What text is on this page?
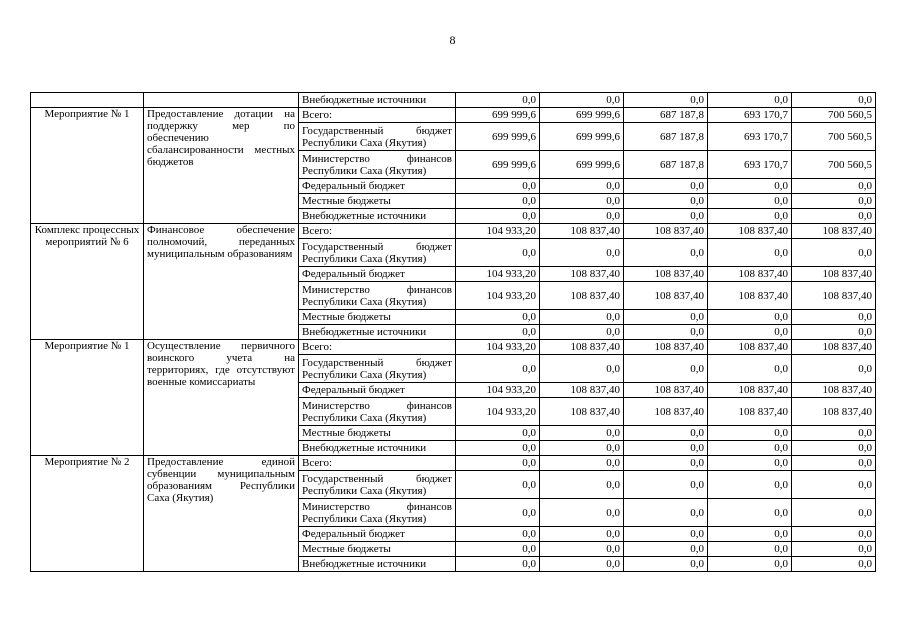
8
		Внебюджетные источники	0,0	0,0	0,0	0,0	0,0
Мероприятие № 1	Предоставление дотации на поддержку мер по обеспечению сбалансированности местных бюджетов	Всего:	699 999,6	699 999,6	687 187,8	693 170,7	700 560,5
		Государственный бюджет Республики Саха (Якутия)	699 999,6	699 999,6	687 187,8	693 170,7	700 560,5
		Министерство финансов Республики Саха (Якутия)	699 999,6	699 999,6	687 187,8	693 170,7	700 560,5
		Федеральный бюджет	0,0	0,0	0,0	0,0	0,0
		Местные бюджеты	0,0	0,0	0,0	0,0	0,0
		Внебюджетные источники	0,0	0,0	0,0	0,0	0,0
Комплекс процессных мероприятий № 6	Финансовое обеспечение полномочий, переданных муниципальным образованиям	Всего:	104 933,20	108 837,40	108 837,40	108 837,40	108 837,40
		Государственный бюджет Республики Саха (Якутия)	0,0	0,0	0,0	0,0	0,0
		Федеральный бюджет	104 933,20	108 837,40	108 837,40	108 837,40	108 837,40
		Министерство финансов Республики Саха (Якутия)	104 933,20	108 837,40	108 837,40	108 837,40	108 837,40
		Местные бюджеты	0,0	0,0	0,0	0,0	0,0
		Внебюджетные источники	0,0	0,0	0,0	0,0	0,0
Мероприятие № 1	Осуществление первичного воинского учета на территориях, где отсутствуют военные комиссариаты	Всего:	104 933,20	108 837,40	108 837,40	108 837,40	108 837,40
		Государственный бюджет Республики Саха (Якутия)	0,0	0,0	0,0	0,0	0,0
		Федеральный бюджет	104 933,20	108 837,40	108 837,40	108 837,40	108 837,40
		Министерство финансов Республики Саха (Якутия)	104 933,20	108 837,40	108 837,40	108 837,40	108 837,40
		Местные бюджеты	0,0	0,0	0,0	0,0	0,0
		Внебюджетные источники	0,0	0,0	0,0	0,0	0,0
Мероприятие № 2	Предоставление единой субвенции муниципальным образованиям Республики Саха (Якутия)	Всего:	0,0	0,0	0,0	0,0	0,0
		Государственный бюджет Республики Саха (Якутия)	0,0	0,0	0,0	0,0	0,0
		Министерство финансов Республики Саха (Якутия)	0,0	0,0	0,0	0,0	0,0
		Федеральный бюджет	0,0	0,0	0,0	0,0	0,0
		Местные бюджеты	0,0	0,0	0,0	0,0	0,0
		Внебюджетные источники	0,0	0,0	0,0	0,0	0,0
